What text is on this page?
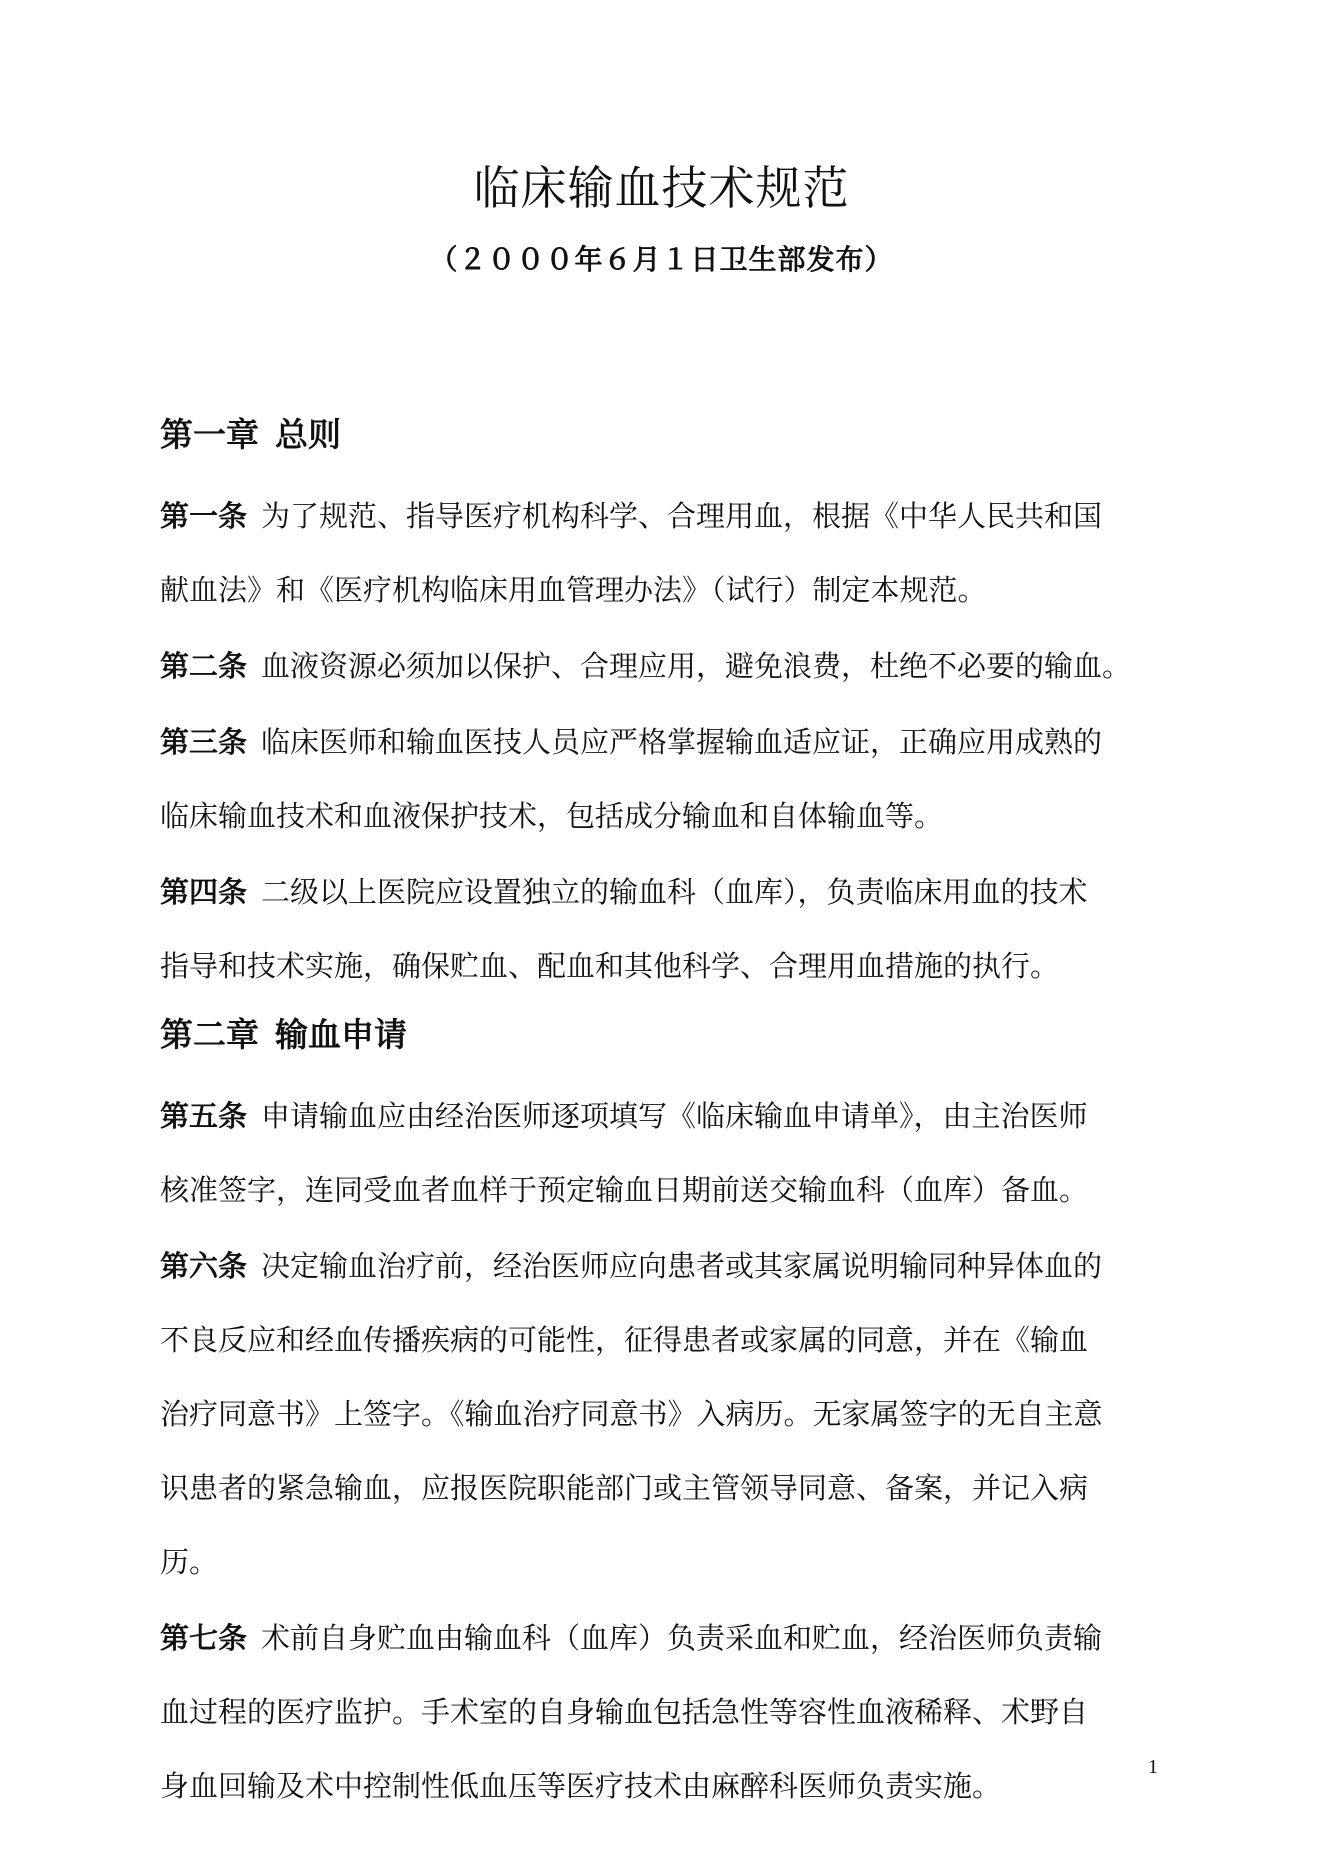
临床输血技术规范
（２０００年６月１日卫生部发布）
第一章 总则
第一条 为了规范、指导医疗机构科学、合理用血，根据《中华人民共和国
献血法》和《医疗机构临床用血管理办法》（试行）制定本规范。
第二条 血液资源必须加以保护、合理应用，避免浪费，杜绝不必要的输血。
第三条 临床医师和输血医技人员应严格掌握输血适应证，正确应用成熟的
临床输血技术和血液保护技术，包括成分输血和自体输血等。
第四条 二级以上医院应设置独立的输血科（血库），负责临床用血的技术
指导和技术实施，确保贮血、配血和其他科学、合理用血措施的执行。
第二章 输血申请
第五条 申请输血应由经治医师逐项填写《临床输血申请单》，由主治医师
核准签字，连同受血者血样于预定输血日期前送交输血科（血库）备血。
第六条 决定输血治疗前，经治医师应向患者或其家属说明输同种异体血的
不良反应和经血传播疾病的可能性，征得患者或家属的同意，并在《输血
治疗同意书》上签字。《输血治疗同意书》入病历。无家属签字的无自主意
识患者的紧急输血，应报医院职能部门或主管领导同意、备案，并记入病
历。
第七条 术前自身贮血由输血科（血库）负责采血和贮血，经治医师负责输
血过程的医疗监护。手术室的自身输血包括急性等容性血液稀释、术野自
身血回输及术中控制性低血压等医疗技术由麻醉科医师负责实施。
1
